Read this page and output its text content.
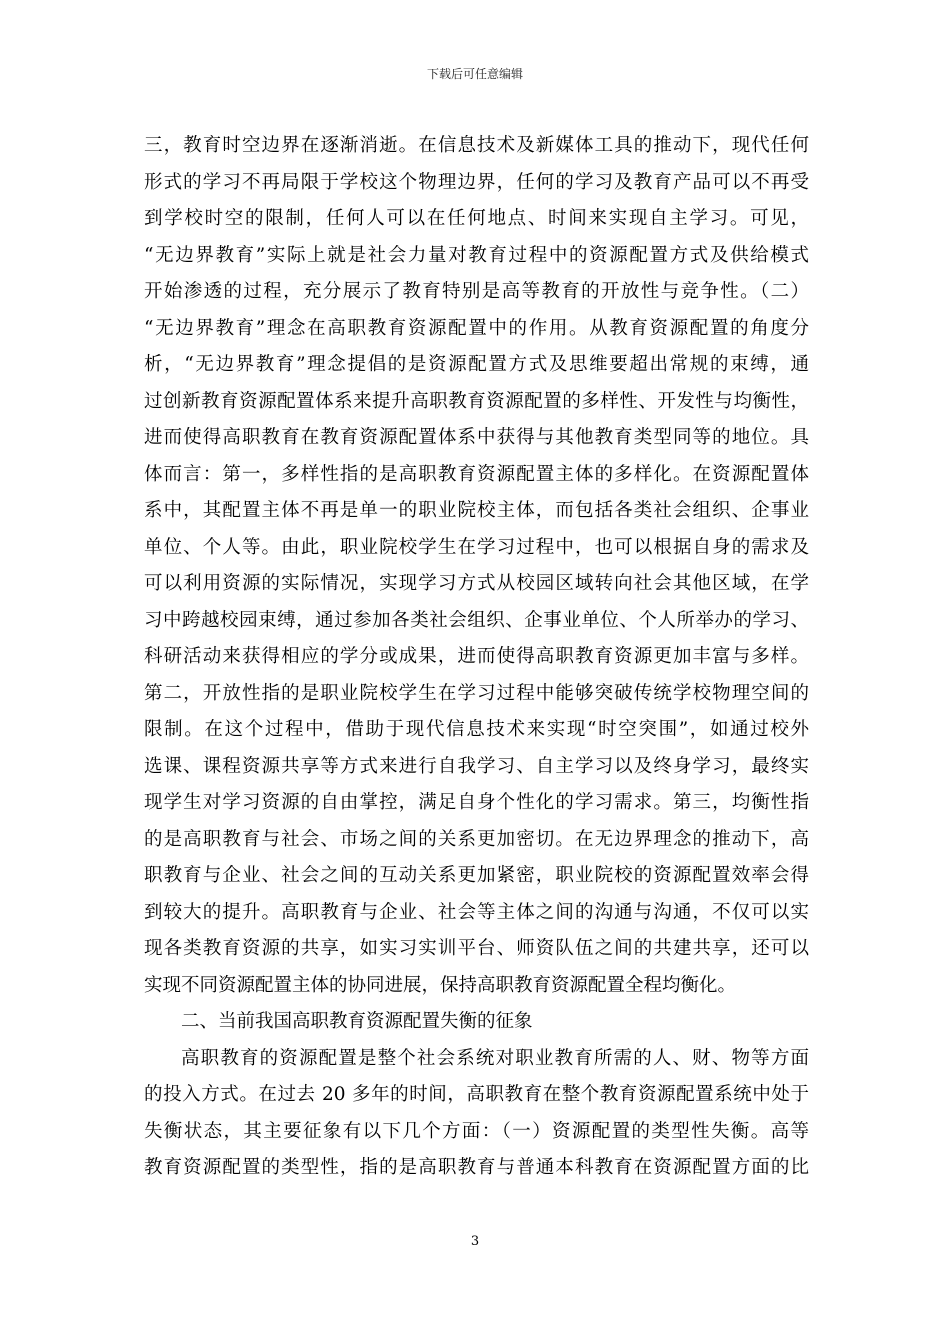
下载后可任意编辑
三，教育时空边界在逐渐消逝。在信息技术及新媒体工具的推动下，现代任何
形式的学习不再局限于学校这个物理边界，任何的学习及教育产品可以不再受
到学校时空的限制，任何人可以在任何地点、时间来实现自主学习。可见，
“无边界教育”实际上就是社会力量对教育过程中的资源配置方式及供给模式
开始渗透的过程，充分展示了教育特别是高等教育的开放性与竞争性。（二）
“无边界教育”理念在高职教育资源配置中的作用。从教育资源配置的角度分
析，“无边界教育”理念提倡的是资源配置方式及思维要超出常规的束缚，通
过创新教育资源配置体系来提升高职教育资源配置的多样性、开发性与均衡性，
进而使得高职教育在教育资源配置体系中获得与其他教育类型同等的地位。具
体而言：第一，多样性指的是高职教育资源配置主体的多样化。在资源配置体
系中，其配置主体不再是单一的职业院校主体，而包括各类社会组织、企事业
单位、个人等。由此，职业院校学生在学习过程中，也可以根据自身的需求及
可以利用资源的实际情况，实现学习方式从校园区域转向社会其他区域，在学
习中跨越校园束缚，通过参加各类社会组织、企事业单位、个人所举办的学习、
科研活动来获得相应的学分或成果，进而使得高职教育资源更加丰富与多样。
第二，开放性指的是职业院校学生在学习过程中能够突破传统学校物理空间的
限制。在这个过程中，借助于现代信息技术来实现“时空突围”，如通过校外
选课、课程资源共享等方式来进行自我学习、自主学习以及终身学习，最终实
现学生对学习资源的自由掌控，满足自身个性化的学习需求。第三，均衡性指
的是高职教育与社会、市场之间的关系更加密切。在无边界理念的推动下，高
职教育与企业、社会之间的互动关系更加紧密，职业院校的资源配置效率会得
到较大的提升。高职教育与企业、社会等主体之间的沟通与沟通，不仅可以实
现各类教育资源的共享，如实习实训平台、师资队伍之间的共建共享，还可以
实现不同资源配置主体的协同进展，保持高职教育资源配置全程均衡化。
二、当前我国高职教育资源配置失衡的征象
高职教育的资源配置是整个社会系统对职业教育所需的人、财、物等方面
的投入方式。在过去 20 多年的时间，高职教育在整个教育资源配置系统中处于
失衡状态，其主要征象有以下几个方面：（一）资源配置的类型性失衡。高等
教育资源配置的类型性，指的是高职教育与普通本科教育在资源配置方面的比
3
